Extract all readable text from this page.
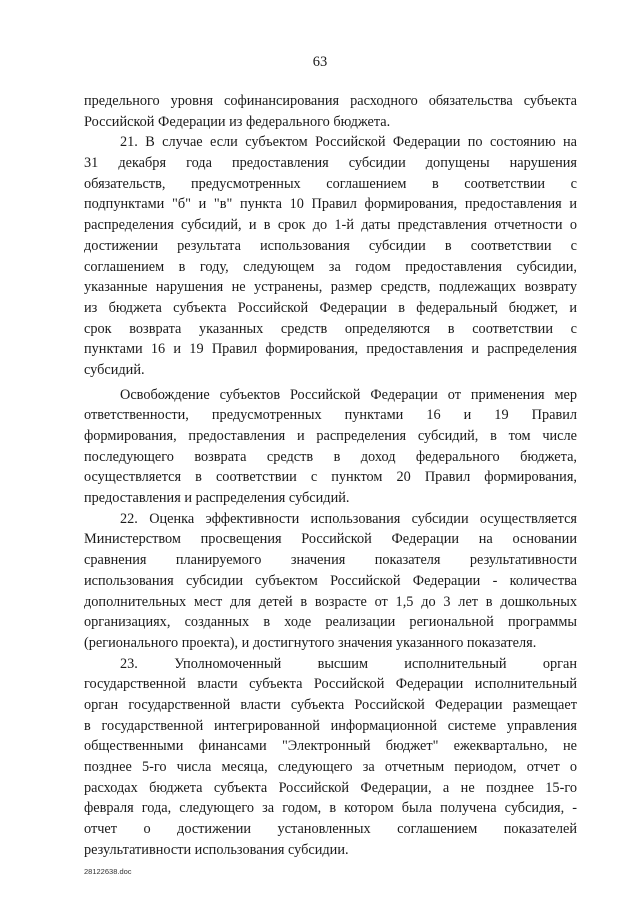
63
предельного уровня софинансирования расходного обязательства субъекта
Российской Федерации из федерального бюджета.
21. В случае если субъектом Российской Федерации по состоянию на
31 декабря года предоставления субсидии допущены нарушения
обязательств, предусмотренных соглашением в соответствии с
подпунктами "б" и "в" пункта 10 Правил формирования, предоставления и
распределения субсидий, и в срок до 1-й даты представления отчетности о
достижении результата использования субсидии в соответствии с
соглашением в году, следующем за годом предоставления субсидии,
указанные нарушения не устранены, размер средств, подлежащих возврату
из бюджета субъекта Российской Федерации в федеральный бюджет, и
срок возврата указанных средств определяются в соответствии с
пунктами 16 и 19 Правил формирования, предоставления и распределения
субсидий.
Освобождение субъектов Российской Федерации от применения мер
ответственности, предусмотренных пунктами 16 и 19 Правил
формирования, предоставления и распределения субсидий, в том числе
последующего возврата средств в доход федерального бюджета,
осуществляется в соответствии с пунктом 20 Правил формирования,
предоставления и распределения субсидий.
22. Оценка эффективности использования субсидии осуществляется
Министерством просвещения Российской Федерации на основании
сравнения планируемого значения показателя результативности
использования субсидии субъектом Российской Федерации - количества
дополнительных мест для детей в возрасте от 1,5 до 3 лет в дошкольных
организациях, созданных в ходе реализации региональной программы
(регионального проекта), и достигнутого значения указанного показателя.
23. Уполномоченный высшим исполнительный орган
государственной власти субъекта Российской Федерации исполнительный
орган государственной власти субъекта Российской Федерации размещает
в государственной интегрированной информационной системе управления
общественными финансами "Электронный бюджет" ежеквартально, не
позднее 5-го числа месяца, следующего за отчетным периодом, отчет о
расходах бюджета субъекта Российской Федерации, а не позднее 15-го
февраля года, следующего за годом, в котором была получена субсидия, -
отчет о достижении установленных соглашением показателей
результативности использования субсидии.
28122638.doc
